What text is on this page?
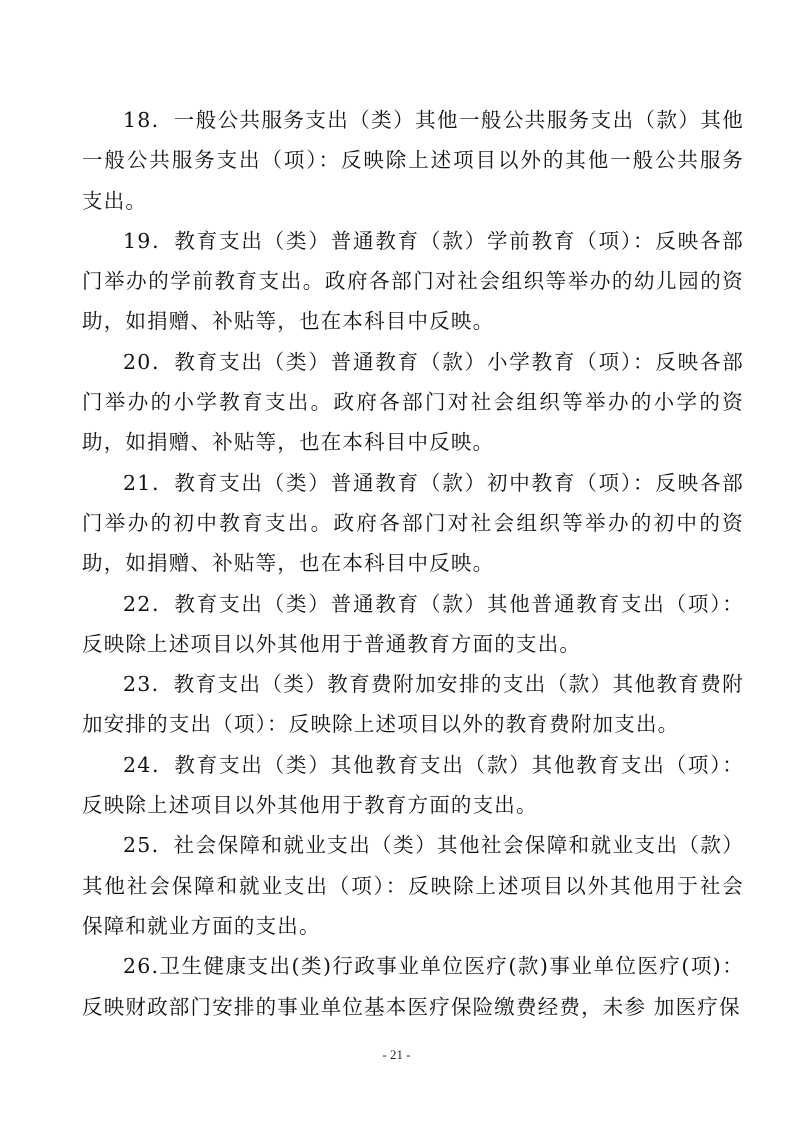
18．一般公共服务支出（类）其他一般公共服务支出（款）其他一般公共服务支出（项）：反映除上述项目以外的其他一般公共服务支出。

19．教育支出（类）普通教育（款）学前教育（项）：反映各部门举办的学前教育支出。政府各部门对社会组织等举办的幼儿园的资助，如捐赠、补贴等，也在本科目中反映。

20．教育支出（类）普通教育（款）小学教育（项）：反映各部门举办的小学教育支出。政府各部门对社会组织等举办的小学的资助，如捐赠、补贴等，也在本科目中反映。

21．教育支出（类）普通教育（款）初中教育（项）：反映各部门举办的初中教育支出。政府各部门对社会组织等举办的初中的资助，如捐赠、补贴等，也在本科目中反映。

22．教育支出（类）普通教育（款）其他普通教育支出（项）：反映除上述项目以外其他用于普通教育方面的支出。

23．教育支出（类）教育费附加安排的支出（款）其他教育费附加安排的支出（项）：反映除上述项目以外的教育费附加支出。

24．教育支出（类）其他教育支出（款）其他教育支出（项）：反映除上述项目以外其他用于教育方面的支出。

25．社会保障和就业支出（类）其他社会保障和就业支出（款）其他社会保障和就业支出（项）：反映除上述项目以外其他用于社会保障和就业方面的支出。

26.卫生健康支出(类)行政事业单位医疗(款)事业单位医疗(项)：反映财政部门安排的事业单位基本医疗保险缴费经费，未参 加医疗保

- 21 -
